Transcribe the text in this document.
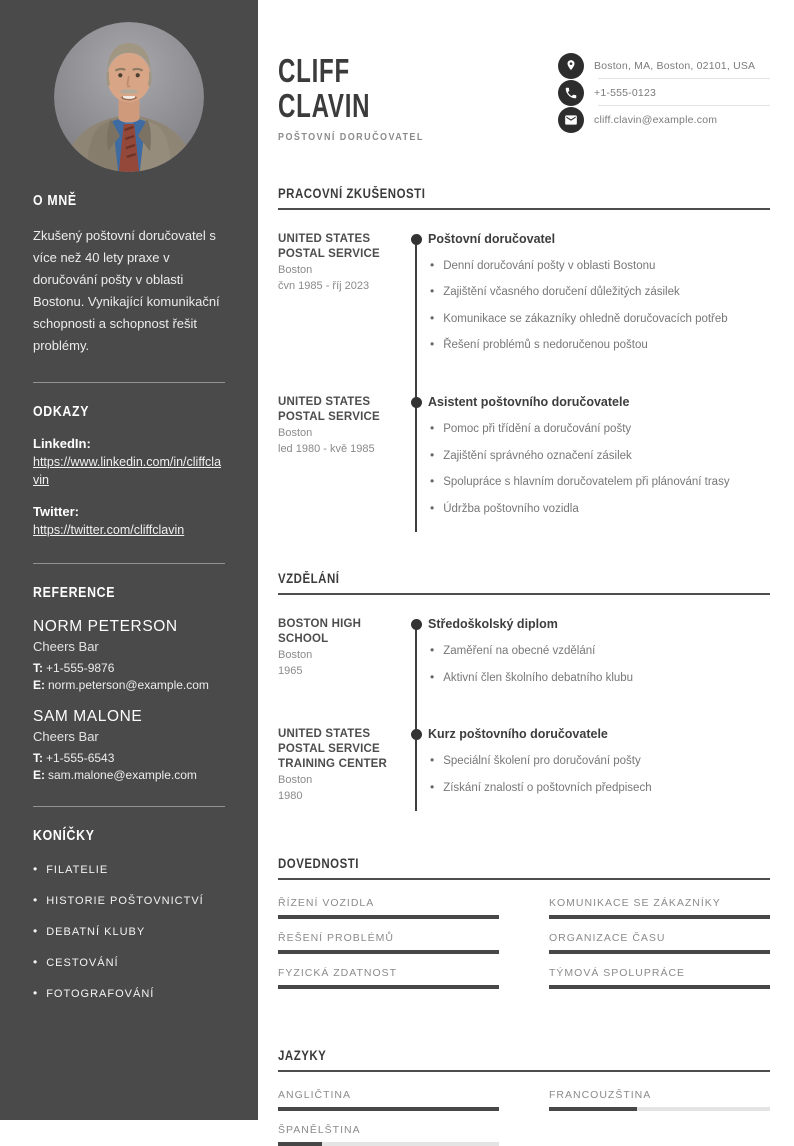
O MNĚ

Zkušený poštovní doručovatel s více než 40 lety praxe v doručování pošty v oblasti Bostonu. Vynikající komunikační schopnosti a schopnost řešit problémy.

ODKAZY
LinkedIn:
https://www.linkedin.com/in/cliffclavin
Twitter:
https://twitter.com/cliffclavin
REFERENCE
NORM PETERSON
Cheers Bar
T: +1-555-9876
E: norm.peterson@example.com
SAM MALONE
Cheers Bar
T: +1-555-6543
E: sam.malone@example.com
KONÍČKY
• FILATELIE
• HISTORIE POŠTOVNICTVÍ
• DEBATNÍ KLUBY
• CESTOVÁNÍ
• FOTOGRAFOVÁNÍ
CLIFF
CLAVIN
POŠTOVNÍ DORUČOVATEL
Boston, MA, Boston, 02101, USA
+1-555-0123
cliff.clavin@example.com
PRACOVNÍ ZKUŠENOSTI
UNITED STATES POSTAL SERVICE
Boston
čvn 1985 - říj 2023
Poštovní doručovatel
• Denní doručování pošty v oblasti Bostonu
• Zajištění včasného doručení důležitých zásilek
• Komunikace se zákazníky ohledně doručovacích potřeb
• Řešení problémů s nedoručenou poštou
UNITED STATES POSTAL SERVICE
Boston
led 1980 - kvě 1985
Asistent poštovního doručovatele
• Pomoc při třídění a doručování pošty
• Zajištění správného označení zásilek
• Spolupráce s hlavním doručovatelem při plánování trasy
• Údržba poštovního vozidla
VZDĚLÁNÍ
BOSTON HIGH SCHOOL
Boston
1965
Středoškolský diplom
• Zaměření na obecné vzdělání
• Aktivní člen školního debatního klubu
UNITED STATES POSTAL SERVICE TRAINING CENTER
Boston
1980
Kurz poštovního doručovatele
• Speciální školení pro doručování pošty
• Získání znalostí o poštovních předpisech
DOVEDNOSTI
ŘÍZENÍ VOZIDLA	KOMUNIKACE SE ZÁKAZNÍKY
ŘEŠENÍ PROBLÉMŮ	ORGANIZACE ČASU
FYZICKÁ ZDATNOST	TÝMOVÁ SPOLUPRÁCE
JAZYKY
ANGLIČTINA	FRANCOUZŠTINA
ŠPANĚLŠTINA
